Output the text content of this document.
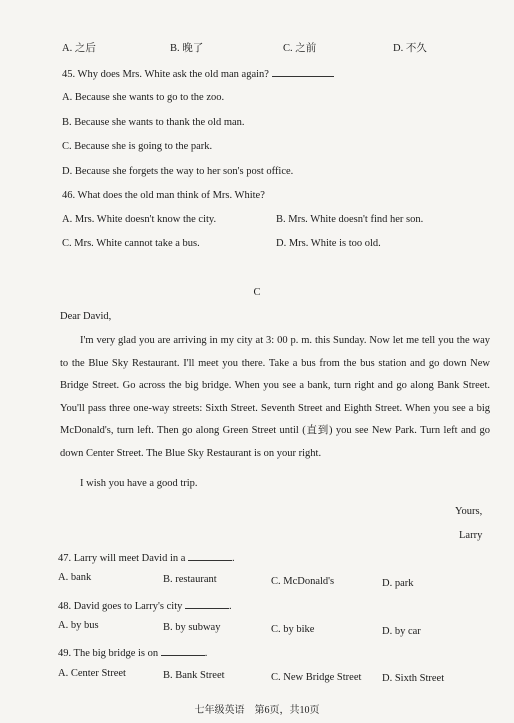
A. 之后	B. 晚了	C. 之前	D. 不久
45. Why does Mrs. White ask the old man again?
A. Because she wants to go to the zoo.
B. Because she wants to thank the old man.
C. Because she is going to the park.
D. Because she forgets the way to her son's post office.
46. What does the old man think of Mrs. White?
A. Mrs. White doesn't know the city.	B. Mrs. White doesn't find her son.
C. Mrs. White cannot take a bus.	D. Mrs. White is too old.
C
Dear David,

I'm very glad you are arriving in my city at 3: 00 p. m. this Sunday. Now let me tell you the way to the Blue Sky Restaurant. I'll meet you there. Take a bus from the bus station and go down New Bridge Street. Go across the big bridge. When you see a bank, turn right and go along Bank Street. You'll pass three one-way streets: Sixth Street. Seventh Street and Eighth Street. When you see a big McDonald's, turn left. Then go along Green Street until (直到) you see New Park. Turn left and go down Center Street. The Blue Sky Restaurant is on your right.

I wish you have a good trip.
Yours,
Larry
47. Larry will meet David in a	.
A. bank	B. restaurant	C. McDonald's	D. park
48. David goes to Larry's city	.
A. by bus	B. by subway	C. by bike	D. by car
49. The big bridge is on	.
A. Center Street	B. Bank Street	C. New Bridge Street D. Sixth Street
七年级英语　第6页，共10页
